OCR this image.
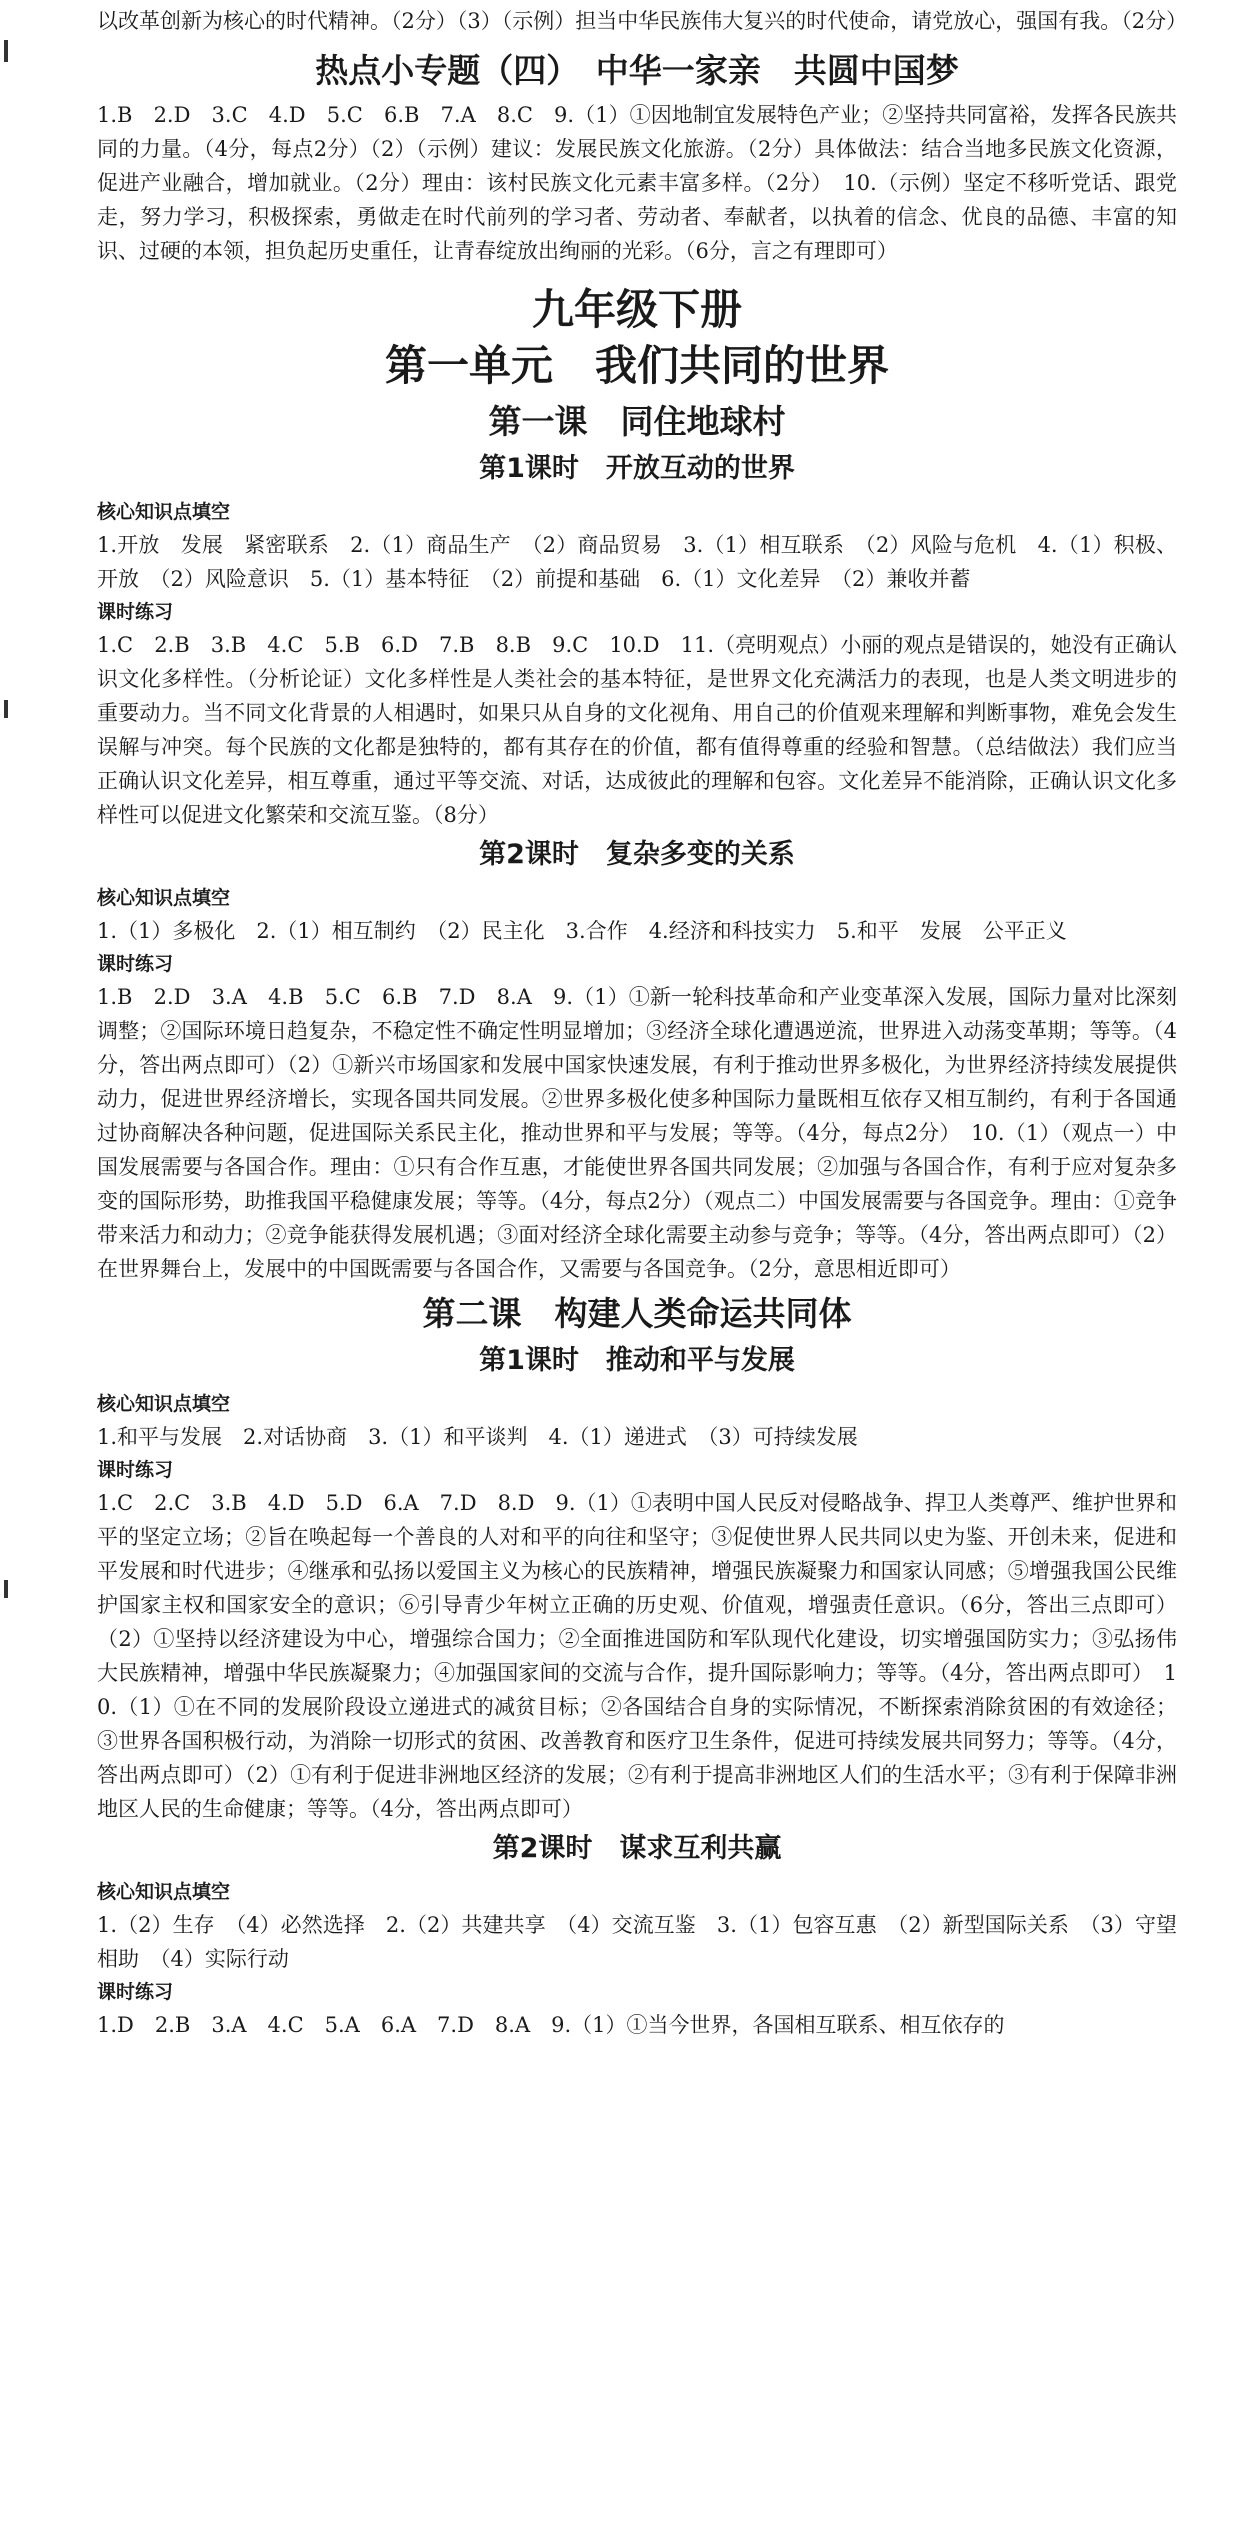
以改革创新为核心的时代精神。（2分）（3）（示例）担当中华民族伟大复兴的时代使命，请党放心，强国有我。（2分）

热点小专题（四）　中华一家亲　共圆中国梦

1.B　2.D　3.C　4.D　5.C　6.B　7.A　8.C　9.（1）①因地制宜发展特色产业；②坚持共同富裕，发挥各民族共同的力量。（4分，每点2分）（2）（示例）建议：发展民族文化旅游。（2分）具体做法：结合当地多民族文化资源，促进产业融合，增加就业。（2分）理由：该村民族文化元素丰富多样。（2分）　10.（示例）坚定不移听党话、跟党走，努力学习，积极探索，勇做走在时代前列的学习者、劳动者、奉献者，以执着的信念、优良的品德、丰富的知识、过硬的本领，担负起历史重任，让青春绽放出绚丽的光彩。（6分，言之有理即可）

九年级下册

第一单元　我们共同的世界

第一课　同住地球村

第1课时　开放互动的世界

核心知识点填空

1.开放　发展　紧密联系　2.（1）商品生产　（2）商品贸易　3.（1）相互联系　（2）风险与危机　4.（1）积极、开放　（2）风险意识　5.（1）基本特征　（2）前提和基础　6.（1）文化差异　（2）兼收并蓄

课时练习

1.C　2.B　3.B　4.C　5.B　6.D　7.B　8.B　9.C　10.D　11.（亮明观点）小丽的观点是错误的，她没有正确认识文化多样性。（分析论证）文化多样性是人类社会的基本特征，是世界文化充满活力的表现，也是人类文明进步的重要动力。当不同文化背景的人相遇时，如果只从自身的文化视角、用自己的价值观来理解和判断事物，难免会发生误解与冲突。每个民族的文化都是独特的，都有其存在的价值，都有值得尊重的经验和智慧。（总结做法）我们应当正确认识文化差异，相互尊重，通过平等交流、对话，达成彼此的理解和包容。文化差异不能消除，正确认识文化多样性可以促进文化繁荣和交流互鉴。（8分）

第2课时　复杂多变的关系

核心知识点填空

1.（1）多极化　2.（1）相互制约　（2）民主化　3.合作　4.经济和科技实力　5.和平　发展　公平正义

课时练习

1.B　2.D　3.A　4.B　5.C　6.B　7.D　8.A　9.（1）①新一轮科技革命和产业变革深入发展，国际力量对比深刻调整；②国际环境日趋复杂，不稳定性不确定性明显增加；③经济全球化遭遇逆流，世界进入动荡变革期；等等。（4分，答出两点即可）（2）①新兴市场国家和发展中国家快速发展，有利于推动世界多极化，为世界经济持续发展提供动力，促进世界经济增长，实现各国共同发展。②世界多极化使多种国际力量既相互依存又相互制约，有利于各国通过协商解决各种问题，促进国际关系民主化，推动世界和平与发展；等等。（4分，每点2分）　10.（1）（观点一）中国发展需要与各国合作。理由：①只有合作互惠，才能使世界各国共同发展；②加强与各国合作，有利于应对复杂多变的国际形势，助推我国平稳健康发展；等等。（4分，每点2分）（观点二）中国发展需要与各国竞争。理由：①竞争带来活力和动力；②竞争能获得发展机遇；③面对经济全球化需要主动参与竞争；等等。（4分，答出两点即可）（2）在世界舞台上，发展中的中国既需要与各国合作，又需要与各国竞争。（2分，意思相近即可）

第二课　构建人类命运共同体

第1课时　推动和平与发展

核心知识点填空

1.和平与发展　2.对话协商　3.（1）和平谈判　4.（1）递进式　（3）可持续发展

课时练习

1.C　2.C　3.B　4.D　5.D　6.A　7.D　8.D　9.（1）①表明中国人民反对侵略战争、捍卫人类尊严、维护世界和平的坚定立场；②旨在唤起每一个善良的人对和平的向往和坚守；③促使世界人民共同以史为鉴、开创未来，促进和平发展和时代进步；④继承和弘扬以爱国主义为核心的民族精神，增强民族凝聚力和国家认同感；⑤增强我国公民维护国家主权和国家安全的意识；⑥引导青少年树立正确的历史观、价值观，增强责任意识。（6分，答出三点即可）（2）①坚持以经济建设为中心，增强综合国力；②全面推进国防和军队现代化建设，切实增强国防实力；③弘扬伟大民族精神，增强中华民族凝聚力；④加强国家间的交流与合作，提升国际影响力；等等。（4分，答出两点即可）　10.（1）①在不同的发展阶段设立递进式的减贫目标；②各国结合自身的实际情况，不断探索消除贫困的有效途径；③世界各国积极行动，为消除一切形式的贫困、改善教育和医疗卫生条件，促进可持续发展共同努力；等等。（4分，答出两点即可）（2）①有利于促进非洲地区经济的发展；②有利于提高非洲地区人们的生活水平；③有利于保障非洲地区人民的生命健康；等等。（4分，答出两点即可）

第2课时　谋求互利共赢

核心知识点填空

1.（2）生存　（4）必然选择　2.（2）共建共享　（4）交流互鉴　3.（1）包容互惠　（2）新型国际关系　（3）守望相助　（4）实际行动

课时练习

1.D　2.B　3.A　4.C　5.A　6.A　7.D　8.A　9.（1）①当今世界，各国相互联系、相互依存的
